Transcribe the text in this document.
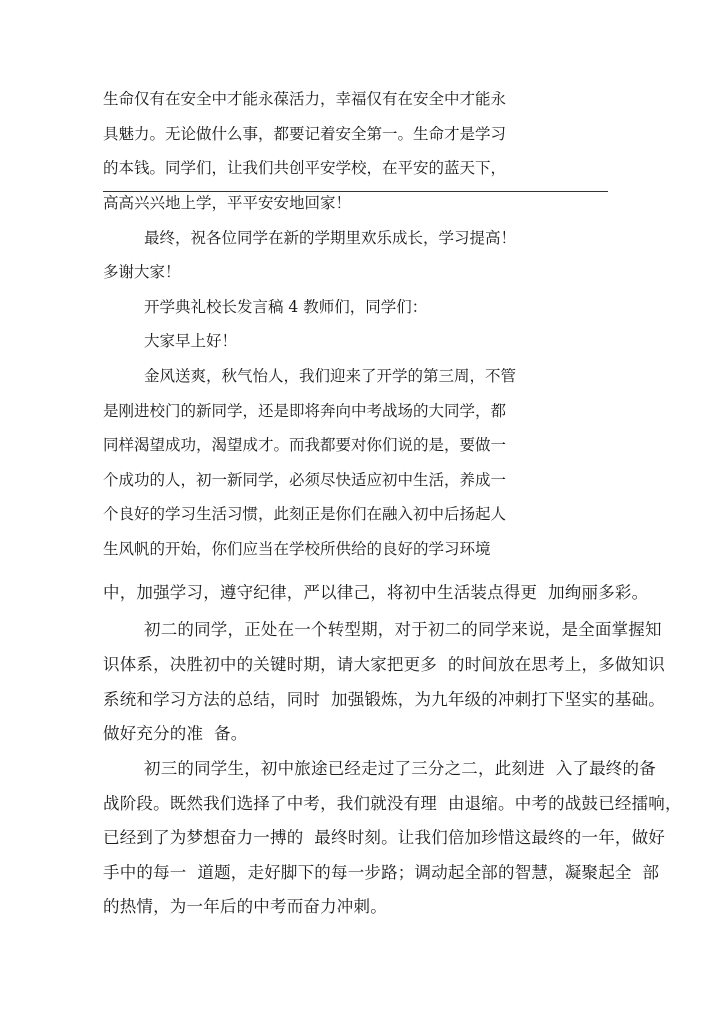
生命仅有在安全中才能永葆活力，幸福仅有在安全中才能永
具魅力。无论做什么事，都要记着安全第一。生命才是学习
的本钱。同学们，让我们共创平安学校，在平安的蓝天下，
高高兴兴地上学，平平安安地回家！
最终，祝各位同学在新的学期里欢乐成长，学习提高！
多谢大家！
开学典礼校长发言稿 4 教师们，同学们：
大家早上好！
金风送爽，秋气怡人，我们迎来了开学的第三周，不管
是刚进校门的新同学，还是即将奔向中考战场的大同学，都
同样渴望成功，渴望成才。而我都要对你们说的是，要做一
个成功的人，初一新同学，必须尽快适应初中生活，养成一
个良好的学习生活习惯，此刻正是你们在融入初中后扬起人
生风帆的开始，你们应当在学校所供给的良好的学习环境
中，加强学习，遵守纪律，严以律己，将初中生活装点得更  加绚丽多彩。
初二的同学，正处在一个转型期，对于初二的同学来说，是全面掌握知
识体系，决胜初中的关键时期，请大家把更多  的时间放在思考上，多做知识
系统和学习方法的总结，同时  加强锻炼，为九年级的冲刺打下坚实的基础。
做好充分的准  备。
初三的同学生，初中旅途已经走过了三分之二，此刻进  入了最终的备
战阶段。既然我们选择了中考，我们就没有理  由退缩。中考的战鼓已经擂响，
已经到了为梦想奋力一搏的  最终时刻。让我们倍加珍惜这最终的一年，做好
手中的每一  道题，走好脚下的每一步路；调动起全部的智慧，凝聚起全  部
的热情，为一年后的中考而奋力冲刺。
